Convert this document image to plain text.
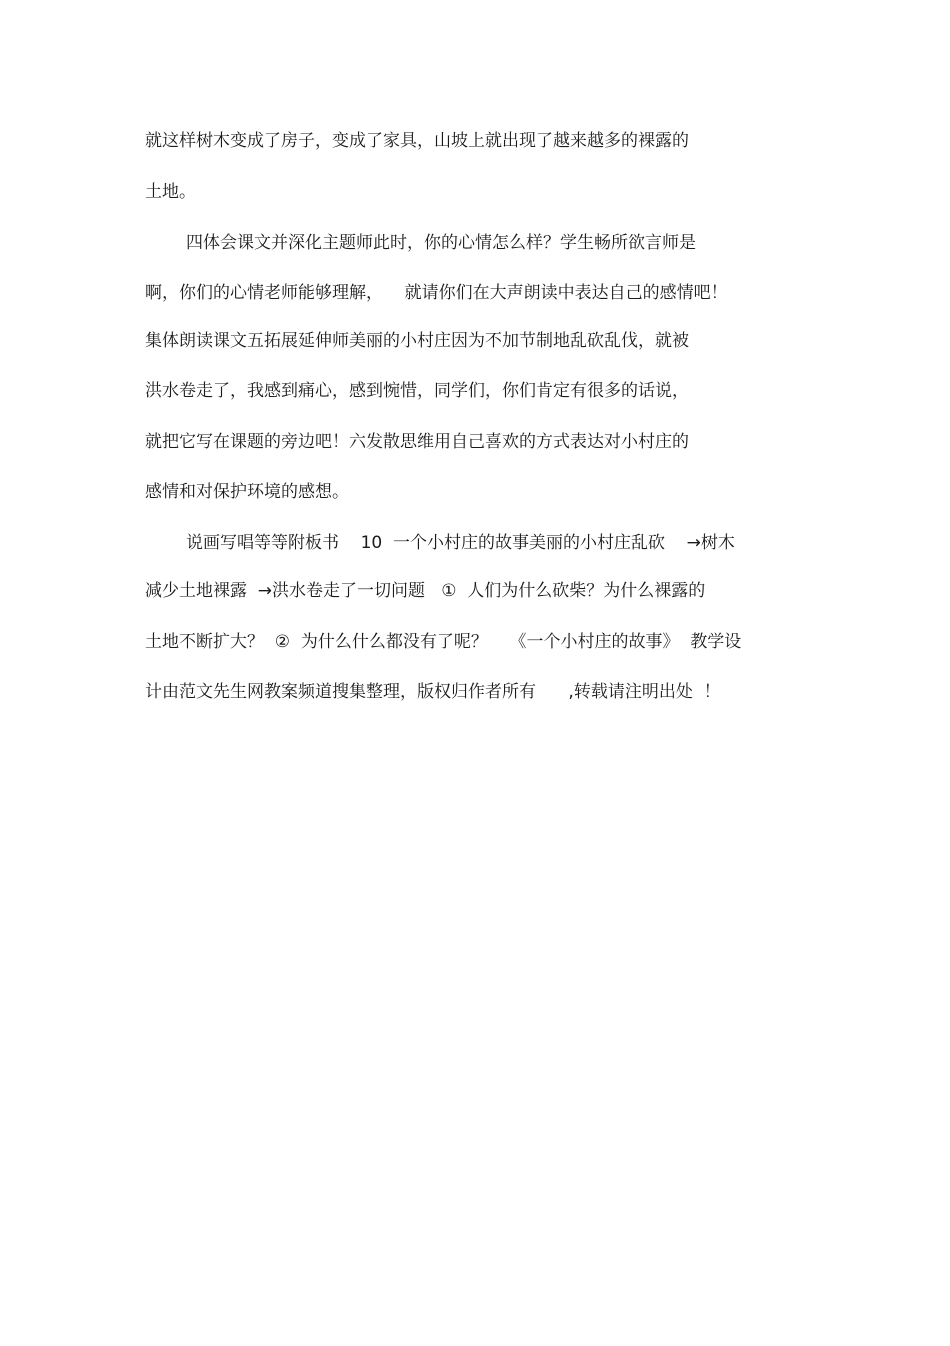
就这样树木变成了房子，变成了家具，山坡上就出现了越来越多的裸露的
土地。
四体会课文并深化主题师此时，你的心情怎么样？学生畅所欲言师是
啊，你们的心情老师能够理解，    就请你们在大声朗读中表达自己的感情吧！
集体朗读课文五拓展延伸师美丽的小村庄因为不加节制地乱砍乱伐，就被
洪水卷走了，我感到痛心，感到惋惜，同学们，你们肯定有很多的话说，
就把它写在课题的旁边吧！六发散思维用自己喜欢的方式表达对小村庄的
感情和对保护环境的感想。
说画写唱等等附板书    10  一个小村庄的故事美丽的小村庄乱砍    →树木
减少土地裸露  →洪水卷走了一切问题   ①  人们为什么砍柴？为什么裸露的
土地不断扩大？  ②  为什么什么都没有了呢？    《一个小村庄的故事》  教学设
计由范文先生网教案频道搜集整理，版权归作者所有      ,转载请注明出处  ！
